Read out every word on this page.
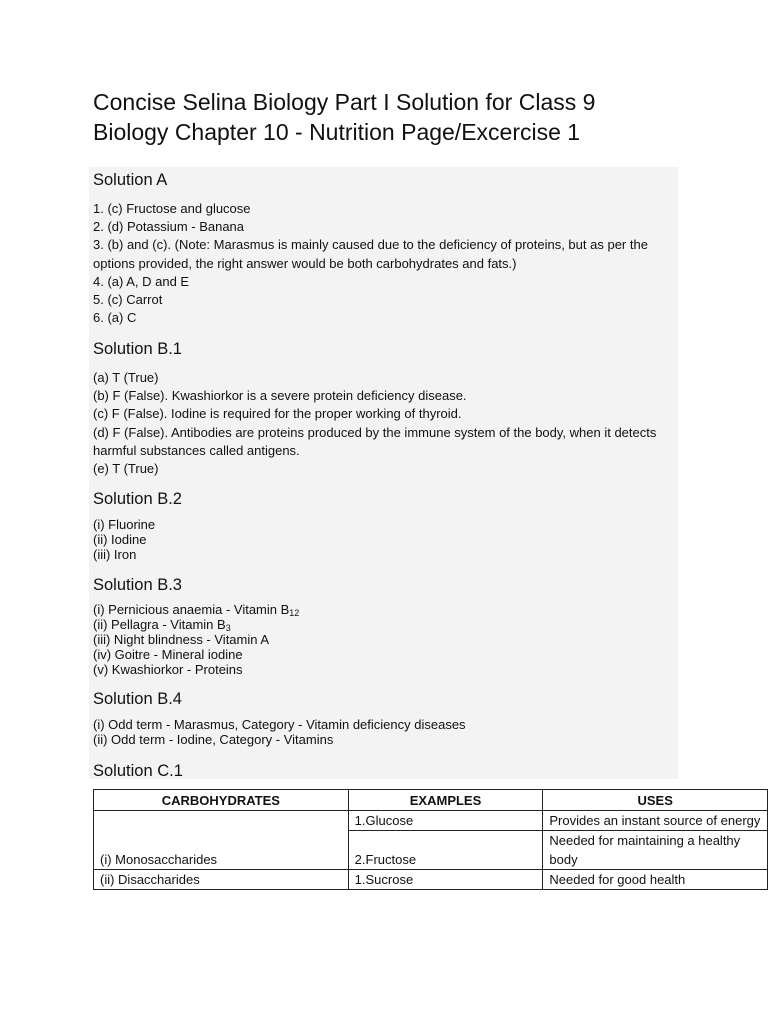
Concise Selina Biology Part I Solution for Class 9
Biology Chapter 10 - Nutrition Page/Excercise 1
Solution A
1. (c) Fructose and glucose
2. (d) Potassium - Banana
3. (b) and (c). (Note: Marasmus is mainly caused due to the deficiency of proteins, but as per the
options provided, the right answer would be both carbohydrates and fats.)
4. (a) A, D and E
5. (c) Carrot
6. (a) C
Solution B.1
(a) T (True)
(b) F (False). Kwashiorkor is a severe protein deficiency disease.
(c) F (False). Iodine is required for the proper working of thyroid.
(d) F (False). Antibodies are proteins produced by the immune system of the body, when it detects
harmful substances called antigens.
(e) T (True)
Solution B.2
(i) Fluorine
(ii) Iodine
(iii) Iron
Solution B.3
(i) Pernicious anaemia - Vitamin $B_{12}$
(ii) Pellagra - Vitamin $B_3$
(iii) Night blindness - Vitamin A
(iv) Goitre - Mineral iodine
(v) Kwashiorkor - Proteins
Solution B.4
(i) Odd term - Marasmus, Category - Vitamin deficiency diseases
(ii) Odd term - Iodine, Category - Vitamins
Solution C.1
CARBOHYDRATES	EXAMPLES	USES
(i) Monosaccharides	1.Glucose	Provides an instant source of energy
	2.Fructose	Needed for maintaining a healthy body
(ii) Disaccharides	1.Sucrose	Needed for good health
